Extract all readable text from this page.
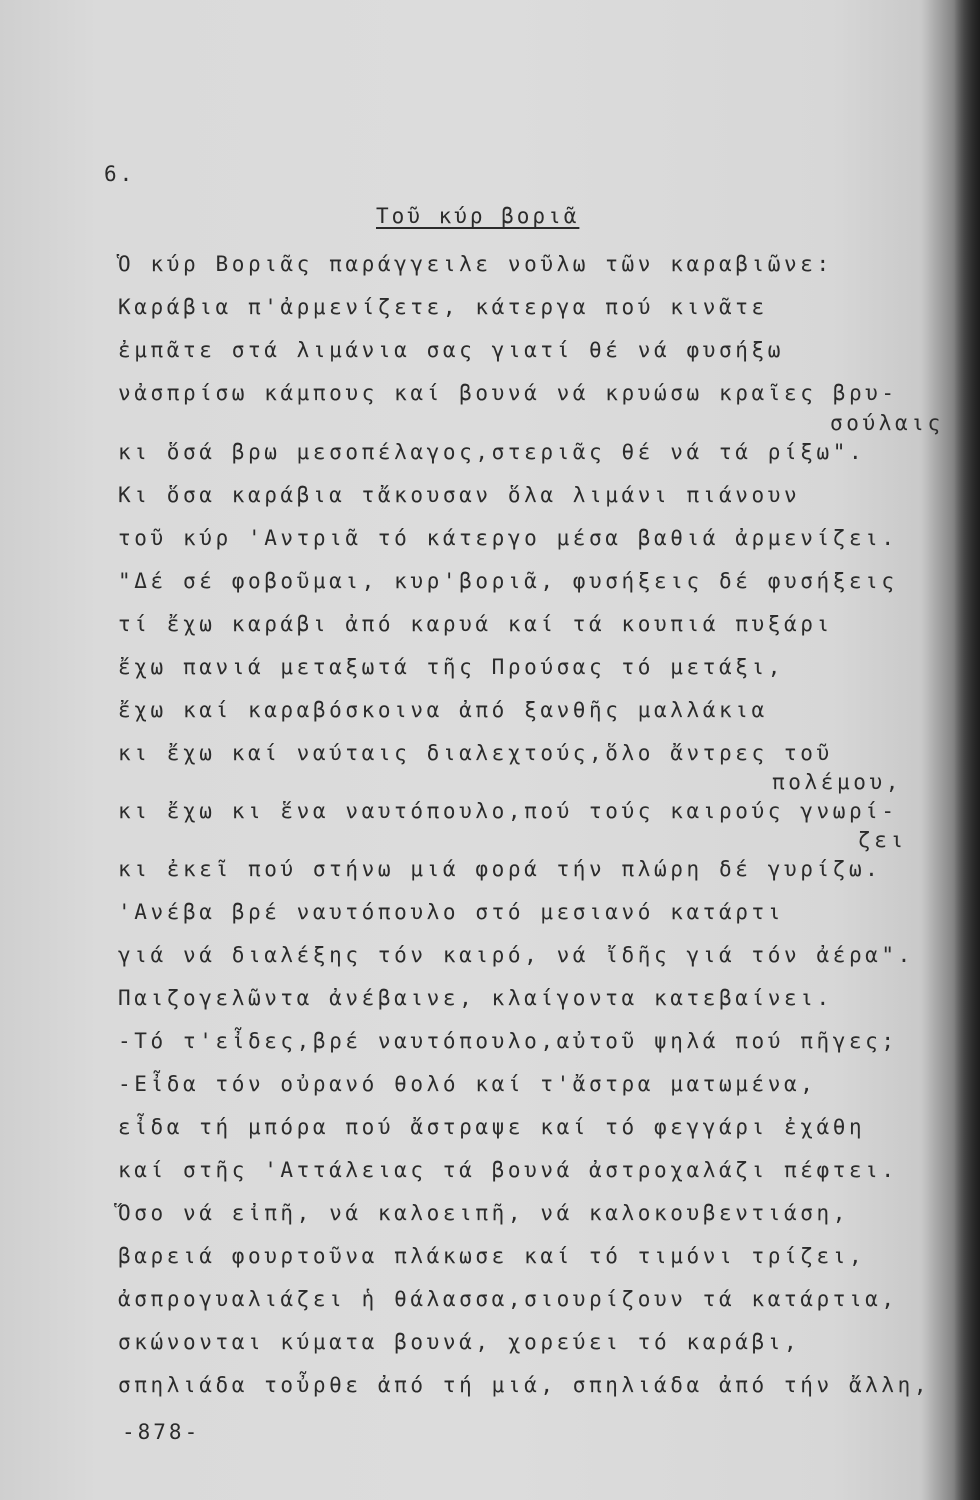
6.
Τοῦ κύρ βοριᾶ
Ὁ κύρ Βοριᾶς παράγγειλε νοῦλω τῶν καραβιῶνε:
Καράβια π'ἀρμενίζετε, κάτεργα πού κινᾶτε
ἐμπᾶτε στά λιμάνια σας γιατί θέ νά φυσήξω
νἀσπρίσω κάμπους καί βουνά νά κρυώσω κραῖες βρυ-
σούλαις
κι ὅσά βρω μεσοπέλαγος,στεριᾶς θέ νά τά ρίξω".
Κι ὅσα καράβια τἄκουσαν ὅλα λιμάνι πιάνουν
τοῦ κύρ 'Αντριᾶ τό κάτεργο μέσα βαθιά ἀρμενίζει.
"Δέ σέ φοβοῦμαι, κυρ'βοριᾶ, φυσήξεις δέ φυσήξεις
τί ἔχω καράβι ἀπό καρυά καί τά κουπιά πυξάρι
ἔχω πανιά μεταξωτά τῆς Προύσας τό μετάξι,
ἔχω καί καραβόσκοινα ἀπό ξανθῆς μαλλάκια
κι ἔχω καί ναύταις διαλεχτούς,ὅλο ἄντρες τοῦ
πολέμου,
κι ἔχω κι ἕνα ναυτόπουλο,πού τούς καιρούς γνωρί-
ζει
κι ἐκεῖ πού στήνω μιά φορά τήν πλώρη δέ γυρίζω.
'Ανέβα βρέ ναυτόπουλο στό μεσιανό κατάρτι
γιά νά διαλέξης τόν καιρό, νά ἴδῆς γιά τόν ἀέρα".
Παιζογελῶντα ἀνέβαινε, κλαίγοντα κατεβαίνει.
-Τό τ'εἶδες,βρέ ναυτόπουλο,αὐτοῦ ψηλά πού πῆγες;
-Εἶδα τόν οὐρανό θολό καί τ'ἄστρα ματωμένα,
εἶδα τή μπόρα πού ἄστραψε καί τό φεγγάρι ἐχάθη
καί στῆς 'Αττάλειας τά βουνά ἀστροχαλάζι πέφτει.
Ὅσο νά εἰπῆ, νά καλοειπῆ, νά καλοκουβεντιάση,
βαρειά φουρτοῦνα πλάκωσε καί τό τιμόνι τρίζει,
ἀσπρογυαλιάζει ἡ θάλασσα,σιουρίζουν τά κατάρτια,
σκώνονται κύματα βουνά, χορεύει τό καράβι,
σπηλιάδα τοὖρθε ἀπό τή μιά, σπηλιάδα ἀπό τήν ἄλλη,
-878-
